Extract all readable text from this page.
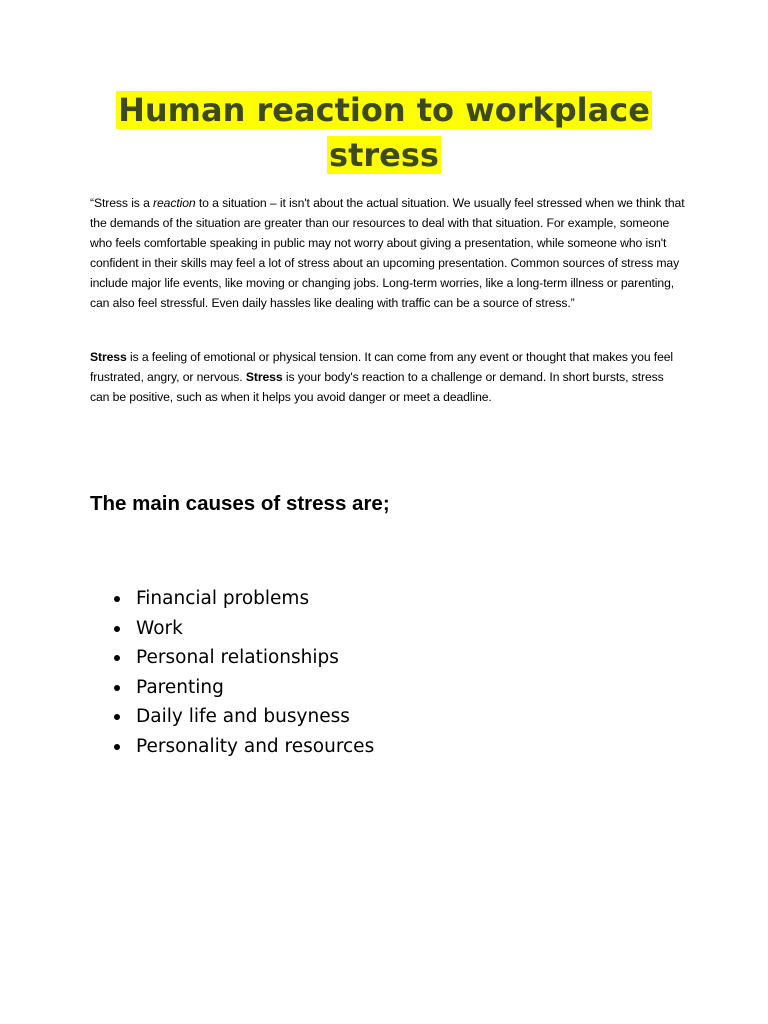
Human reaction to workplace stress

“Stress is a reaction to a situation – it isn't about the actual situation. We usually feel stressed when we think that the demands of the situation are greater than our resources to deal with that situation. For example, someone who feels comfortable speaking in public may not worry about giving a presentation, while someone who isn't confident in their skills may feel a lot of stress about an upcoming presentation. Common sources of stress may include major life events, like moving or changing jobs. Long-term worries, like a long-term illness or parenting, can also feel stressful. Even daily hassles like dealing with traffic can be a source of stress.”

Stress is a feeling of emotional or physical tension. It can come from any event or thought that makes you feel frustrated, angry, or nervous. Stress is your body's reaction to a challenge or demand. In short bursts, stress can be positive, such as when it helps you avoid danger or meet a deadline.

The main causes of stress are;
Financial problems
Work
Personal relationships
Parenting
Daily life and busyness
Personality and resources
